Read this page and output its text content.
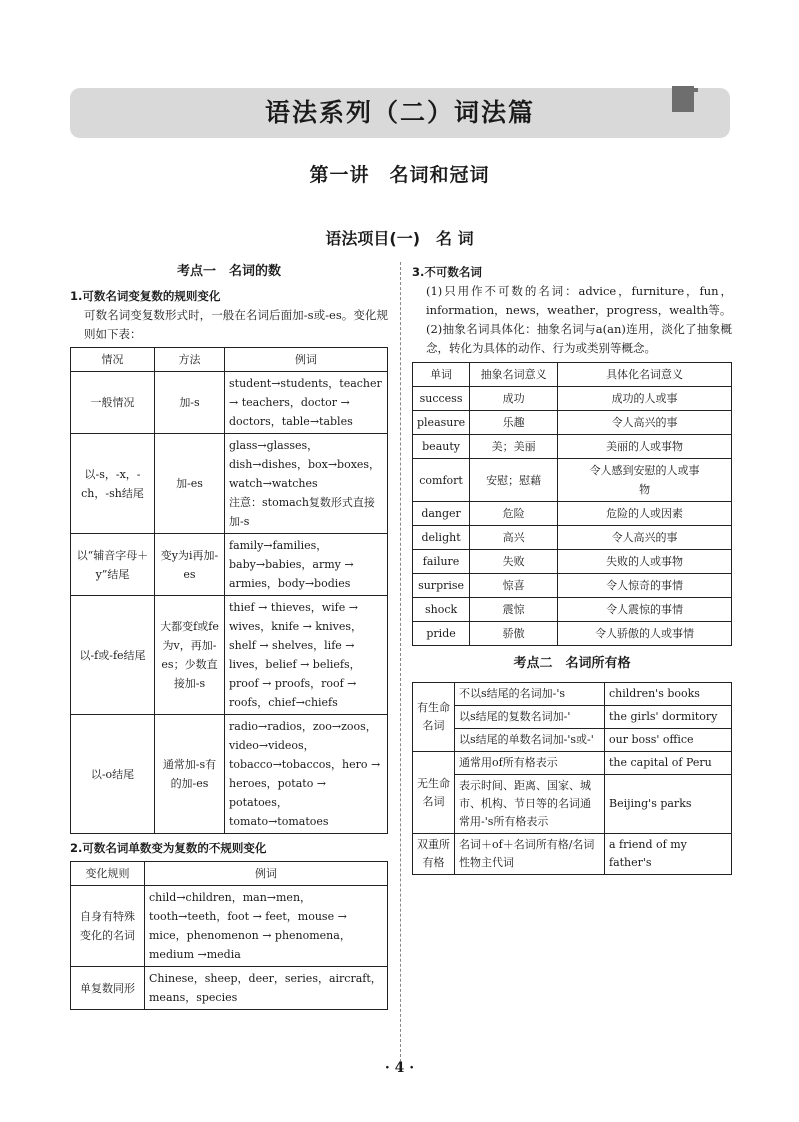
语法系列（二）词法篇
第一讲　名词和冠词
语法项目(一)　名 词
考点一　名词的数
1.可数名词变复数的规则变化
可数名词变复数形式时，一般在名词后面加-s或-es。变化规则如下表：
情况	方法	例词
一般情况	加-s	student→students，teacher → teachers，doctor → doctors，table→tables
以-s，-x，-ch，-sh结尾	加-es	glass→glasses，dish→dishes，box→boxes，watch→watches
注意：stomach复数形式直接加-s

以“辅音字母＋y”结尾	变y为i再加-es	family→families，baby→babies，army → armies，body→bodies
以-f或-fe结尾	大都变f或fe为v，再加-es；少数直接加-s	thief → thieves，wife → wives，knife → knives，shelf → shelves，life → lives，belief → beliefs，proof → proofs，roof → roofs，chief→chiefs
以-o结尾	通常加-s有的加-es	radio→radios，zoo→zoos，video→videos，tobacco→tobaccos，hero → heroes，potato → potatoes，tomato→tomatoes
2.可数名词单数变为复数的不规则变化
变化规则	例词
自身有特殊变化的名词	child→children，man→men，tooth→teeth，foot → feet，mouse → mice，phenomenon → phenomena，medium →media
单复数同形	Chinese，sheep，deer，series，aircraft，means，species
3.不可数名词
(1)只用作不可数的名词：advice，furniture，fun，information，news，weather，progress，wealth等。
(2)抽象名词具体化：抽象名词与a(an)连用，淡化了抽象概念，转化为具体的动作、行为或类别等概念。
单词	抽象名词意义	具体化名词意义
success	成功	成功的人或事
pleasure	乐趣	令人高兴的事
beauty	美；美丽	美丽的人或事物
comfort	安慰；慰藉	令人感到安慰的人或事物
danger	危险	危险的人或因素
delight	高兴	令人高兴的事
failure	失败	失败的人或事物
surprise	惊喜	令人惊奇的事情
shock	震惊	令人震惊的事情
pride	骄傲	令人骄傲的人或事情
考点二　名词所有格
有生命名词	不以s结尾的名词加-'s	children's books
	以s结尾的复数名词加-'	the girls' dormitory
	以s结尾的单数名词加-'s或-'	our boss' office
无生命名词	通常用of所有格表示	the capital of Peru
	表示时间、距离、国家、城市、机构、节日等的名词通常用-'s所有格表示	Beijing's parks
双重所有格	名词＋of＋名词所有格/名词性物主代词	a friend of my father's
· 4 ·
